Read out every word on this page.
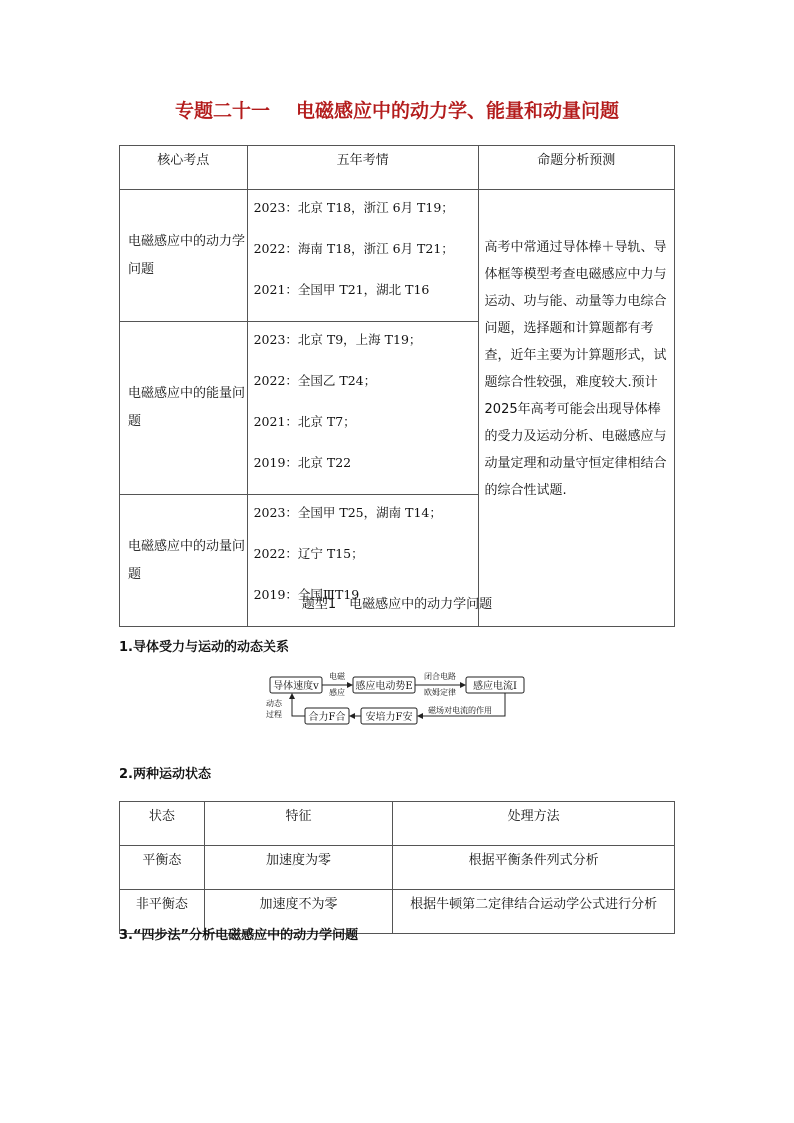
专题二十一 电磁感应中的动力学、能量和动量问题
核心考点	五年考情	命题分析预测
电磁感应中的动力学问题	2023：北京 T18，浙江 6月 T19；
2022：海南 T18，浙江 6月 T21；
2021：全国甲 T21，湖北 T16	高考中常通过导体棒＋导轨、导体框等模型考查电磁感应中力与运动、功与能、动量等力电综合问题，选择题和计算题都有考查，近年主要为计算题形式，试题综合性较强，难度较大.预计2025年高考可能会出现导体棒的受力及运动分析、电磁感应与动量定理和动量守恒定律相结合的综合性试题.
电磁感应中的能量问题	2023：北京 T9，上海 T19；
2022：全国乙 T24；
2021：北京 T7；
2019：北京 T22	

电磁感应中的动量问题	2023：全国甲 T25，湖南 T14；
2022：辽宁 T15；
2019：全国ⅢT19	
题型1　电磁感应中的动力学问题
1.导体受力与运动的动态关系
导体速度v
电磁
感应
感应电动势E
闭合电路
欧姆定律
感应电流I
磁场对电流的作用
安培力F安
合力F合
动态
过程
2.两种运动状态
状态	特征	处理方法
平衡态	加速度为零	根据平衡条件列式分析
非平衡态	加速度不为零	根据牛顿第二定律结合运动学公式进行分析
3.“四步法”分析电磁感应中的动力学问题
